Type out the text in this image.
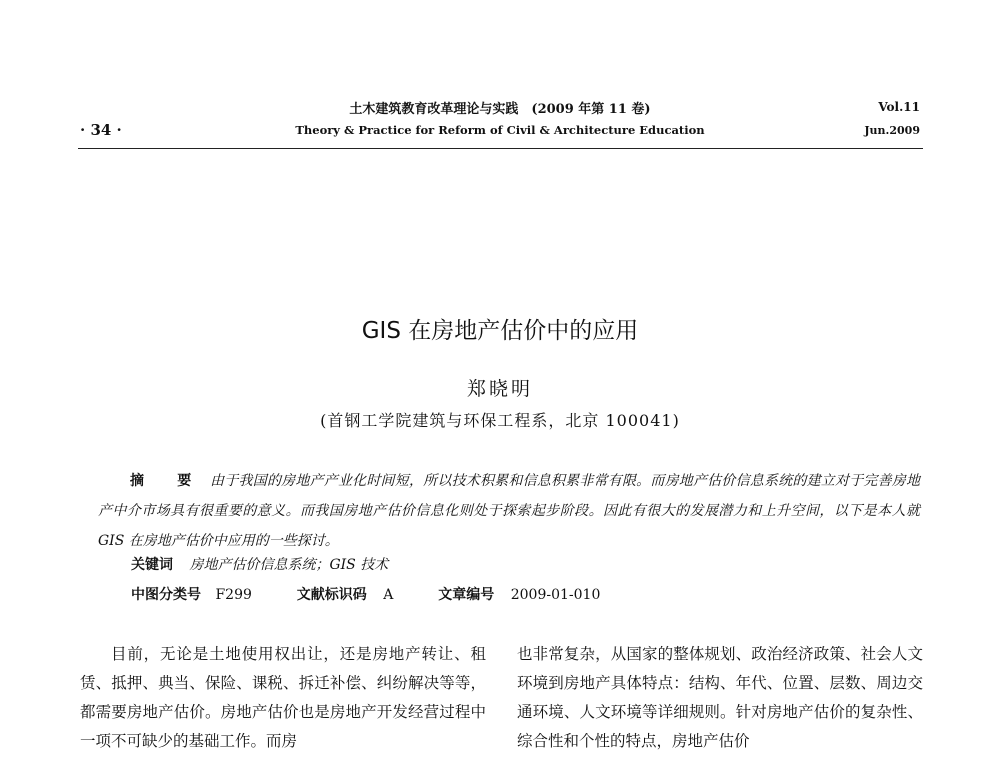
土木建筑教育改革理论与实践　(2009 年第 11 卷)
Theory & Practice for Reform of Civil & Architecture Education
· 34 ·
Vol.11
Jun.2009
GIS 在房地产估价中的应用
郑晓明
(首钢工学院建筑与环保工程系，北京 100041)

摘 要 由于我国的房地产产业化时间短，所以技术积累和信息积累非常有限。而房地产估价信息系统的建立对于完善房地产中介市场具有很重要的意义。而我国房地产估价信息化则处于探索起步阶段。因此有很大的发展潜力和上升空间，以下是本人就 GIS 在房地产估价中应用的一些探讨。

关键词 房地产估价信息系统；GIS 技术
中图分类号 F299	文献标识码 A	文章编号 2009-01-010

目前，无论是土地使用权出让，还是房地产转让、租赁、抵押、典当、保险、课税、拆迁补偿、纠纷解决等等，都需要房地产估价。房地产估价也是房地产开发经营过程中一项不可缺少的基础工作。而房

也非常复杂，从国家的整体规划、政治经济政策、社会人文环境到房地产具体特点：结构、年代、位置、层数、周边交通环境、人文环境等详细规则。针对房地产估价的复杂性、综合性和个性的特点，房地产估价
